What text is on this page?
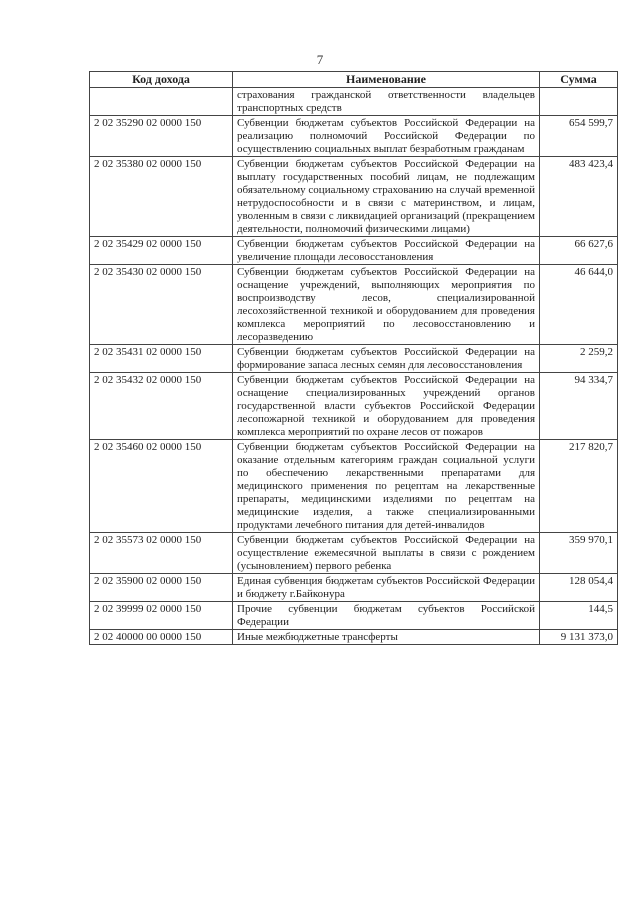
7
Код дохода	Наименование	Сумма
	страхования гражданской ответственности владельцев транспортных средств	
2 02 35290 02 0000 150	Субвенции бюджетам субъектов Российской Федерации на реализацию полномочий Российской Федерации по осуществлению социальных выплат безработным гражданам	654 599,7
2 02 35380 02 0000 150	Субвенции бюджетам субъектов Российской Федерации на выплату государственных пособий лицам, не подлежащим обязательному социальному страхованию на случай временной нетрудоспособности и в связи с материнством, и лицам, уволенным в связи с ликвидацией организаций (прекращением деятельности, полномочий физическими лицами)	483 423,4
2 02 35429 02 0000 150	Субвенции бюджетам субъектов Российской Федерации на увеличение площади лесовосстановления	66 627,6
2 02 35430 02 0000 150	Субвенции бюджетам субъектов Российской Федерации на оснащение учреждений, выполняющих мероприятия по воспроизводству лесов, специализированной лесохозяйственной техникой и оборудованием для проведения комплекса мероприятий по лесовосстановлению и лесоразведению	46 644,0
2 02 35431 02 0000 150	Субвенции бюджетам субъектов Российской Федерации на формирование запаса лесных семян для лесовосстановления	2 259,2
2 02 35432 02 0000 150	Субвенции бюджетам субъектов Российской Федерации на оснащение специализированных учреждений органов государственной власти субъектов Российской Федерации лесопожарной техникой и оборудованием для проведения комплекса мероприятий по охране лесов от пожаров	94 334,7
2 02 35460 02 0000 150	Субвенции бюджетам субъектов Российской Федерации на оказание отдельным категориям граждан социальной услуги по обеспечению лекарственными препаратами для медицинского применения по рецептам на лекарственные препараты, медицинскими изделиями по рецептам на медицинские изделия, а также специализированными продуктами лечебного питания для детей-инвалидов	217 820,7
2 02 35573 02 0000 150	Субвенции бюджетам субъектов Российской Федерации на осуществление ежемесячной выплаты в связи с рождением (усыновлением) первого ребенка	359 970,1
2 02 35900 02 0000 150	Единая субвенция бюджетам субъектов Российской Федерации и бюджету г.Байконура	128 054,4
2 02 39999 02 0000 150	Прочие субвенции бюджетам субъектов Российской Федерации	144,5
2 02 40000 00 0000 150	Иные межбюджетные трансферты	9 131 373,0
